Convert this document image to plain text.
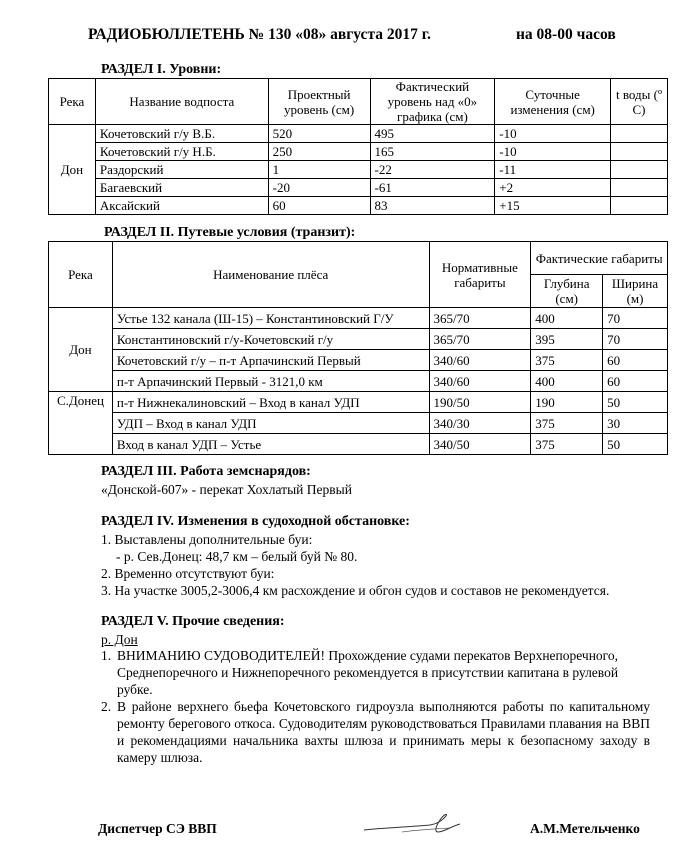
РАДИОБЮЛЛЕТЕНЬ № 130 «08» августа 2017 г.	на 08-00 часов
РАЗДЕЛ I. Уровни:
Река	Название водпоста	Проектный уровень (см)	Фактический уровень над «0» графика (см)	Суточные изменения (см)	t воды (º С)
Дон	Кочетовский г/у В.Б.	520	495	-10	
	Кочетовский г/у Н.Б.	250	165	-10	
	Раздорский	1	-22	-11	
	Багаевский	-20	-61	+2	
	Аксайский	60	83	+15	
РАЗДЕЛ II. Путевые условия (транзит):
Река	Наименование плёса	Нормативные габариты	Фактические габариты	
			Глубина (см)	Ширина (м)
Дон	Устье 132 канала (Ш-15) – Константиновский Г/У	365/70	400	70
	Константиновский г/у-Кочетовский г/у	365/70	395	70
	Кочетовский г/у – п-т Арпачинский Первый	340/60	375	60
	п-т Арпачинский Первый - 3121,0 км	340/60	400	60
С.Донец	п-т Нижнекалиновский – Вход в канал УДП	190/50	190	50
	УДП – Вход в канал УДП	340/30	375	30
	Вход в канал УДП – Устье	340/50	375	50
РАЗДЕЛ III. Работа земснарядов:
«Донской-607» - перекат Хохлатый Первый
РАЗДЕЛ IV. Изменения в судоходной обстановке:
1. Выставлены дополнительные буи:
- р. Сев.Донец: 48,7 км – белый буй № 80.
2. Временно отсутствуют буи:
3. На участке 3005,2-3006,4 км расхождение и обгон судов и составов не рекомендуется.
РАЗДЕЛ V. Прочие сведения:
р. Дон
1. ВНИМАНИЮ СУДОВОДИТЕЛЕЙ! Прохождение судами перекатов Верхнепоречного, Среднепоречного и Нижнепоречного рекомендуется в присутствии капитана в рулевой рубке.
2. В районе верхнего бьефа Кочетовского гидроузла выполняются работы по капитальному ремонту берегового откоса. Судоводителям руководствоваться Правилами плавания на ВВП и рекомендациями начальника вахты шлюза и принимать меры к безопасному заходу в камеру шлюза.
Диспетчер СЭ ВВП	А.М.Метельченко
